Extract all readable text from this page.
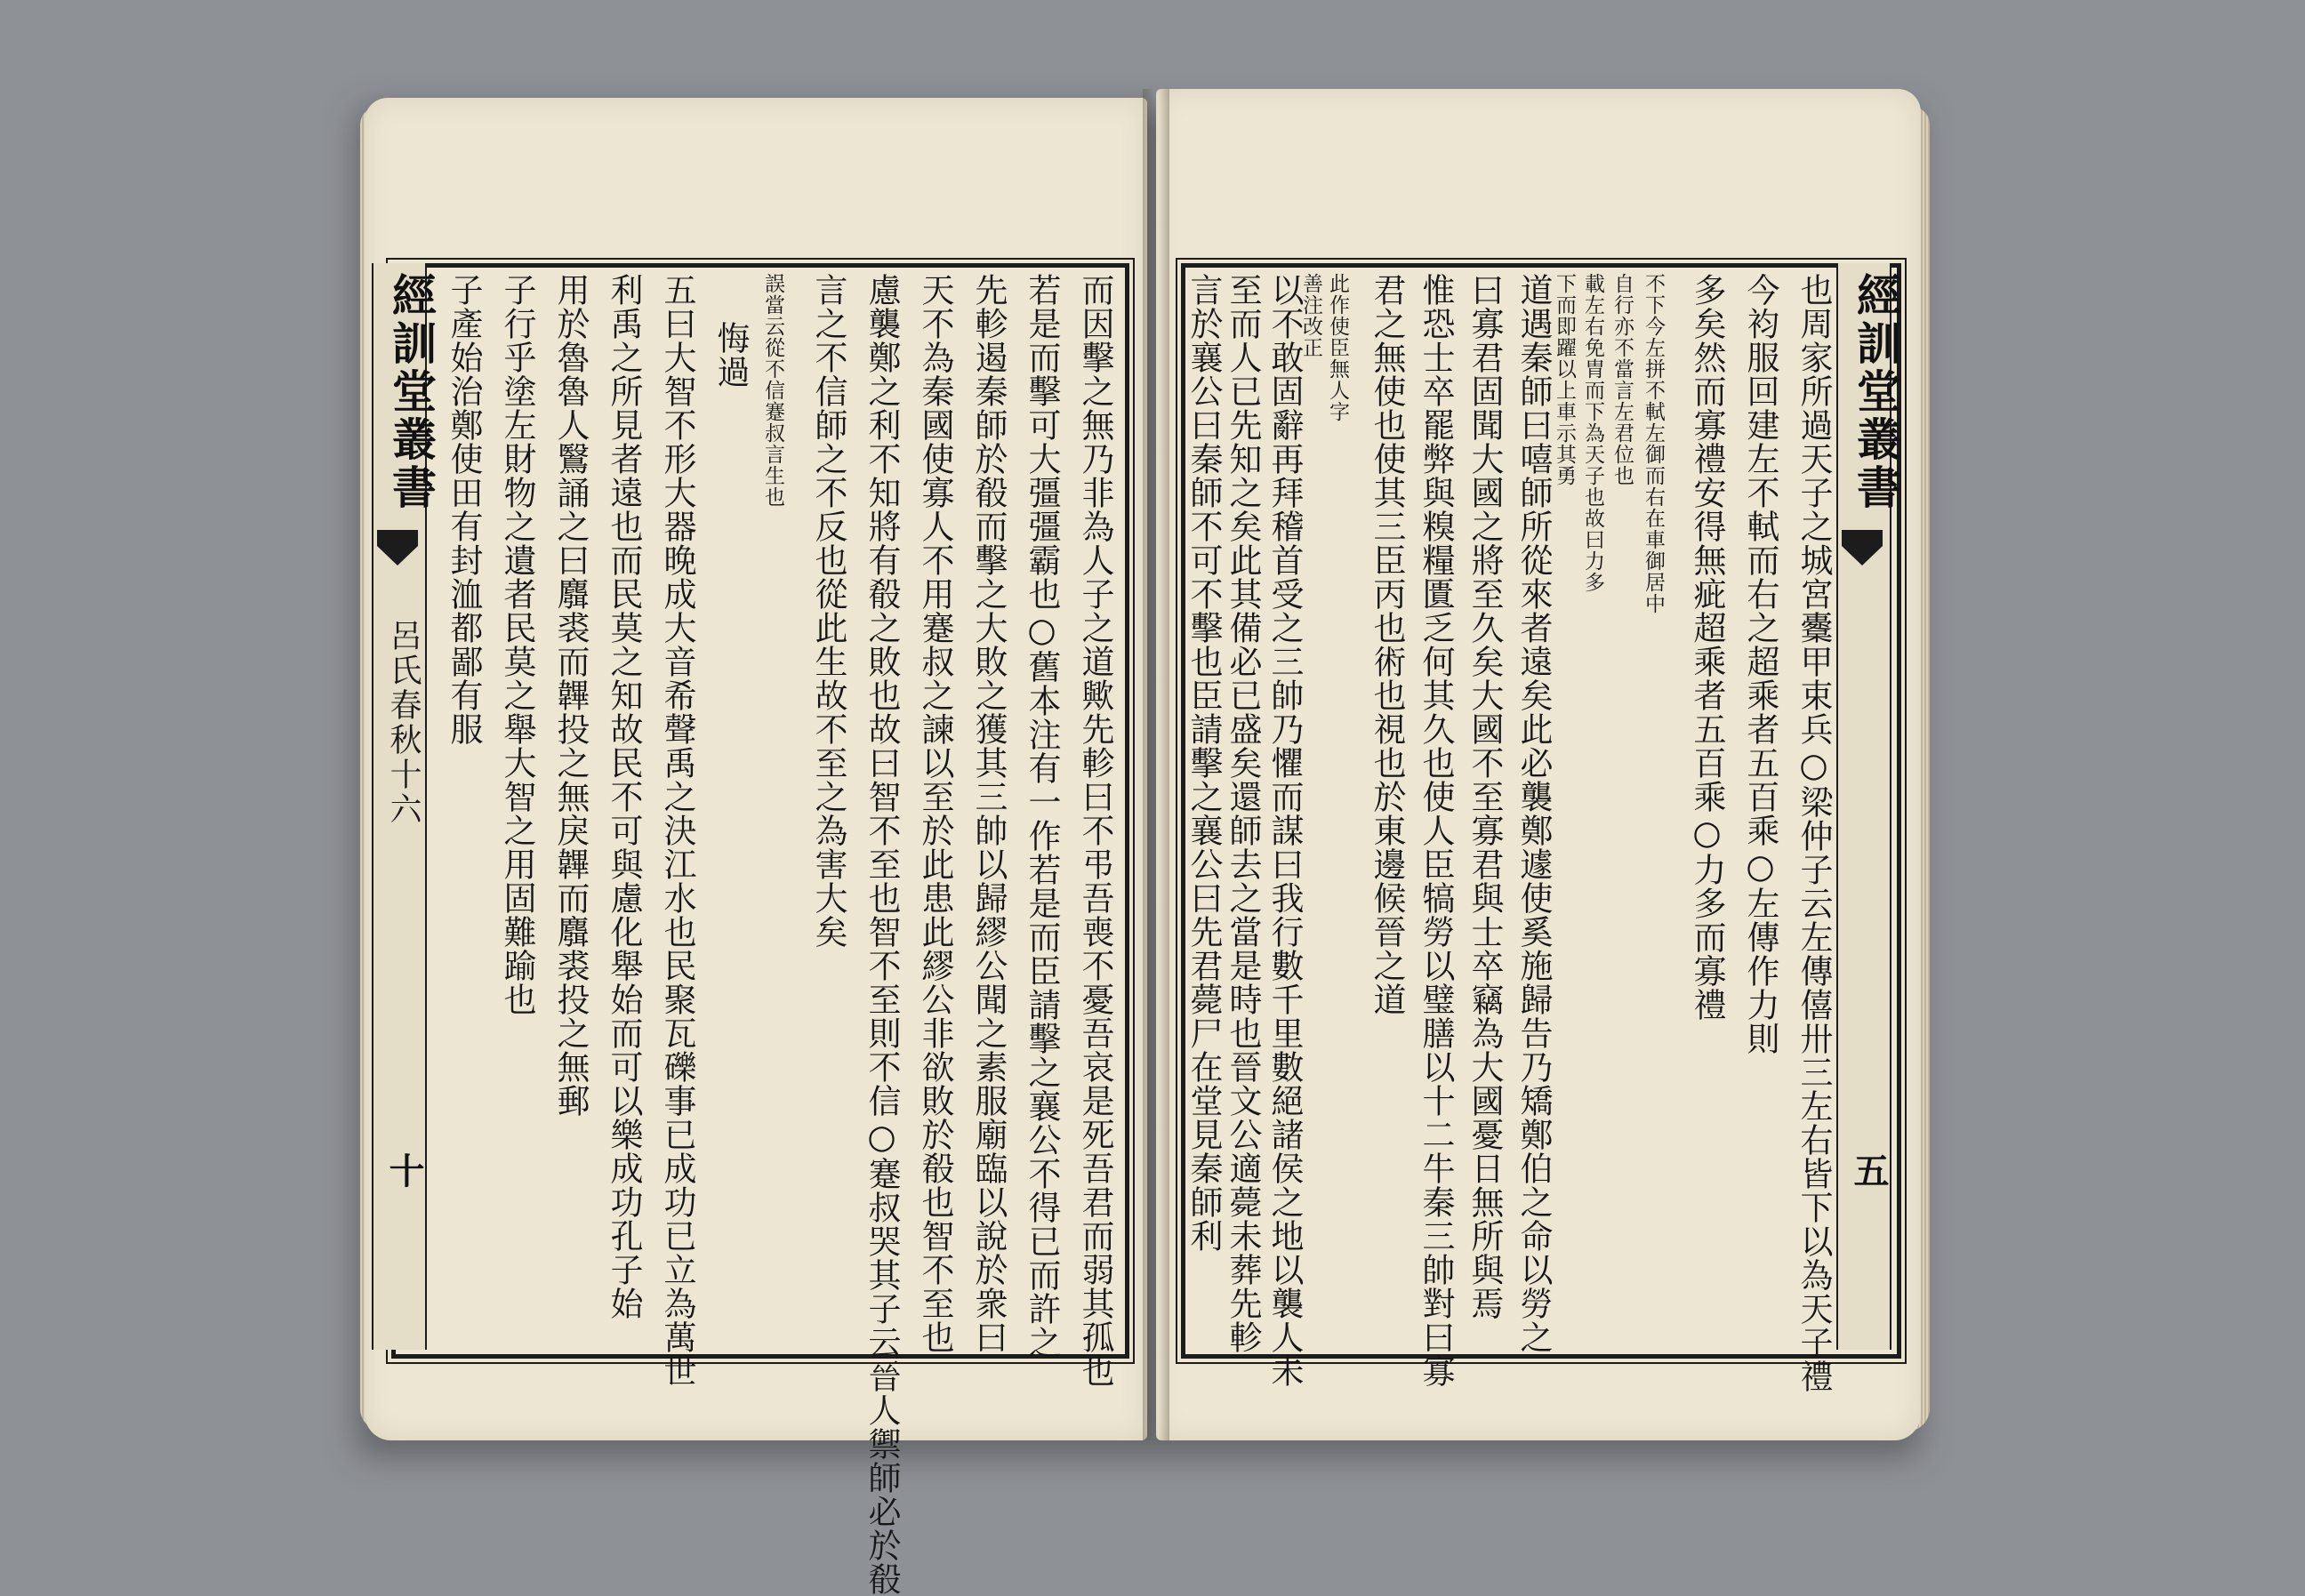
而因擊之無乃非為人子之道歟先軫曰不弔吾喪不憂吾哀是死吾君而弱其孤也
若是而擊可大彊彊霸也○舊本注有一作若是而臣請擊之襄公不得已而許之
先軫遏秦師於殽而擊之大敗之獲其三帥以歸繆公聞之素服廟臨以說於衆曰
天不為秦國使寡人不用蹇叔之諫以至於此患此繆公非欲敗於殽也智不至也
慮襲鄭之利不知將有殽之敗也故曰智不至也智不至則不信○蹇叔哭其子云晉人禦師必於殽
言之不信師之不反也從此生故不至之為害大矣
誤當云從不信蹇叔言生也
悔過
五曰大智不形大器晚成大音希聲禹之決江水也民聚瓦礫事已成功已立為萬世
利禹之所見者遠也而民莫之知故民不可與慮化舉始而可以樂成功孔子始
用於魯魯人鷖誦之曰麛裘而韠投之無戾韠而麛裘投之無郵
子行乎塗左財物之遺者民莫之舉大智之用固難踰也
子產始治鄭使田有封洫都鄙有服
經訓堂叢書
呂氏春秋十六
十	也周家所過天子之城宮櫜甲束兵○梁仲子云左傳僖卅三左右皆下以為天子禮
今袀服回建左不軾而右之超乘者五百乘○左傳作力則
多矣然而寡禮安得無疵超乘者五百乘○力多而寡禮
不下今左拼不軾左御而右在車御居中
自行亦不當言左君位也
載左右免胄而下為天子也故曰力多
下而即躍以上車示其勇
道遇秦師曰嘻師所從來者遠矣此必襲鄭遽使奚施歸告乃矯鄭伯之命以勞之
曰寡君固聞大國之將至久矣大國不至寡君與士卒竊為大國憂日無所與焉
惟恐士卒罷弊與糗糧匱乏何其久也使人臣犒勞以璧膳以十二牛秦三帥對曰寡
君之無使也使其三臣丙也術也視也於東邊候晉之道
此作使臣無人字
善注改正
以不敢固辭再拜稽首受之三帥乃懼而謀曰我行數千里數絕諸侯之地以襲人未
至而人已先知之矣此其備必已盛矣還師去之當是時也晉文公適薨未葬先軫
言於襄公曰秦師不可不擊也臣請擊之襄公曰先君薨尸在堂見秦師利	經訓堂叢書
五
